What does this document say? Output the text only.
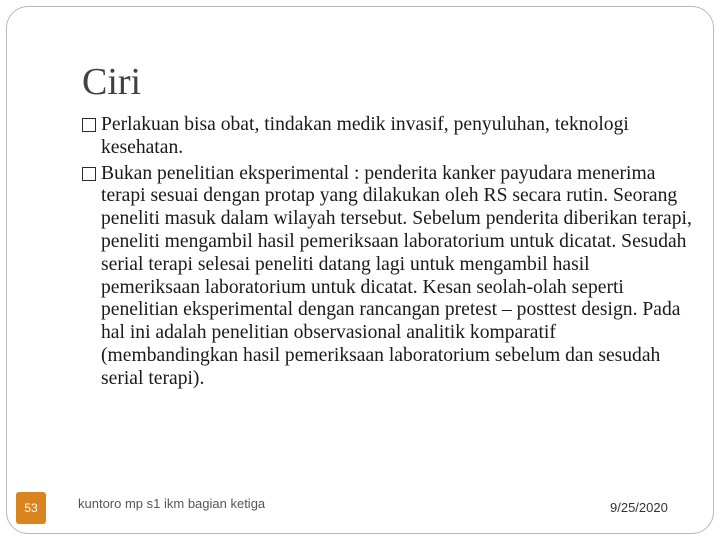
Ciri

Perlakuan bisa obat, tindakan medik invasif, penyuluhan, teknologi kesehatan.

Bukan penelitian eksperimental : penderita kanker payudara menerima terapi sesuai dengan protap yang dilakukan oleh RS secara rutin. Seorang peneliti masuk dalam wilayah tersebut. Sebelum penderita diberikan terapi, peneliti mengambil hasil pemeriksaan laboratorium untuk dicatat. Sesudah serial terapi selesai peneliti datang lagi untuk mengambil hasil pemeriksaan laboratorium untuk dicatat. Kesan seolah-olah seperti penelitian eksperimental dengan rancangan pretest – posttest design. Pada hal ini adalah penelitian observasional analitik komparatif (membandingkan hasil pemeriksaan laboratorium sebelum dan sesudah serial terapi).

53	kuntoro mp s1 ikm bagian ketiga	9/25/2020
